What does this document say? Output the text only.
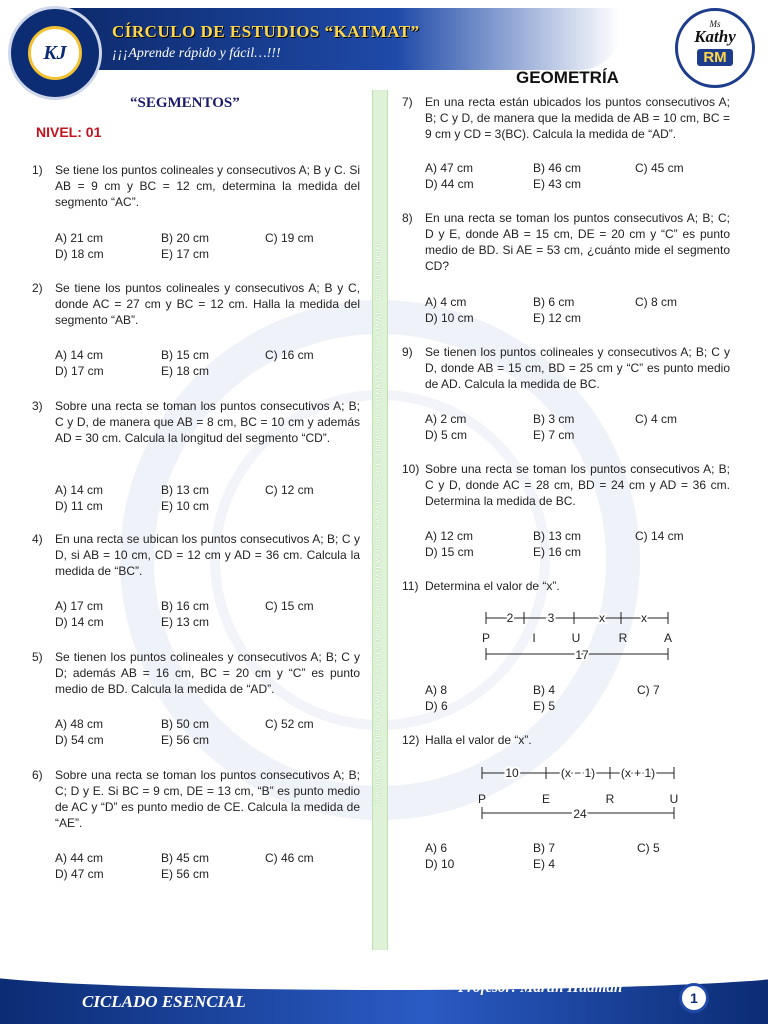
KJ
CÍRCULO DE ESTUDIOS “KATMAT”
¡¡¡Aprende rápido y fácil…!!!
Ms
Kathy
RM
“SEGMENTOS”
NIVEL: 01
GEOMETRÍA
CÍRCULO MATEMÁTICO “ KATMAT” – CICLO ESENCIAL CÍRCULO MATEMÁTICO “ KATMAT” – CICLO ESENCIAL CÍRCULO MATEMÁTICO “ KATMAT” – CICLO ESENCIAL
1) Se tiene los puntos colineales y consecutivos A; B y C. Si AB = 9 cm y BC = 12 cm, determina la medida del segmento “AC”.
A) 21 cm	B) 20 cm	C) 19 cm
D) 18 cm	E) 17 cm
2) Se tiene los puntos colineales y consecutivos A; B y C, donde AC = 27 cm y BC = 12 cm. Halla la medida del segmento “AB”.
A) 14 cm	B) 15 cm	C) 16 cm
D) 17 cm	E) 18 cm
3) Sobre una recta se toman los puntos consecutivos A; B; C y D, de manera que AB = 8 cm, BC = 10 cm y además AD = 30 cm. Calcula la longitud del segmento “CD”.
A) 14 cm	B) 13 cm	C) 12 cm
D) 11 cm	E) 10 cm
4) En una recta se ubican los puntos consecutivos A; B; C y D, si AB = 10 cm, CD = 12 cm y AD = 36 cm. Calcula la medida de “BC”.
A) 17 cm	B) 16 cm	C) 15 cm
D) 14 cm	E) 13 cm
5) Se tienen los puntos colineales y consecutivos A; B; C y D; además AB = 16 cm, BC = 20 cm y “C” es punto medio de BD. Calcula la medida de “AD”.
A) 48 cm	B) 50 cm	C) 52 cm
D) 54 cm	E) 56 cm
6) Sobre una recta se toman los puntos consecutivos A; B; C; D y E. Si BC = 9 cm, DE = 13 cm, “B” es punto medio de AC y “D” es punto medio de CE. Calcula la medida de “AE”.
A) 44 cm	B) 45 cm	C) 46 cm
D) 47 cm	E) 56 cm
7) En una recta están ubicados los puntos consecutivos A; B; C y D, de manera que la medida de AB = 10 cm, BC = 9 cm y CD = 3(BC). Calcula la medida de “AD”.
A) 47 cm	B) 46 cm	C) 45 cm
D) 44 cm	E) 43 cm
8) En una recta se toman los puntos consecutivos A; B; C; D y E, donde AB = 15 cm, DE = 20 cm y “C” es punto medio de BD. Si AE = 53 cm, ¿cuánto mide el segmento CD?
A) 4 cm	B) 6 cm	C) 8 cm
D) 10 cm	E) 12 cm
9) Se tienen los puntos colineales y consecutivos A; B; C y D, donde AB = 15 cm, BD = 25 cm y “C” es punto medio de AD. Calcula la medida de BC.
A) 2 cm	B) 3 cm	C) 4 cm
D) 5 cm	E) 7 cm
10) Sobre una recta se toman los puntos consecutivos A; B; C y D, donde AC = 28 cm, BD = 24 cm y AD = 36 cm. Determina la medida de BC.
A) 12 cm	B) 13 cm	C) 14 cm
D) 15 cm	E) 16 cm
11) Determina el valor de “x”.
A) 8	B) 4	C) 7
D) 6	E) 5
2	3	x	x
P	I	U	R	A
17
12) Halla el valor de “x”.
A) 6	B) 7	C) 5
D) 10	E) 4
10	(x − 1) (x + 1)
P	E	R	U
24
CICLADO ESENCIAL
Profesor: Martín Huamán
1
